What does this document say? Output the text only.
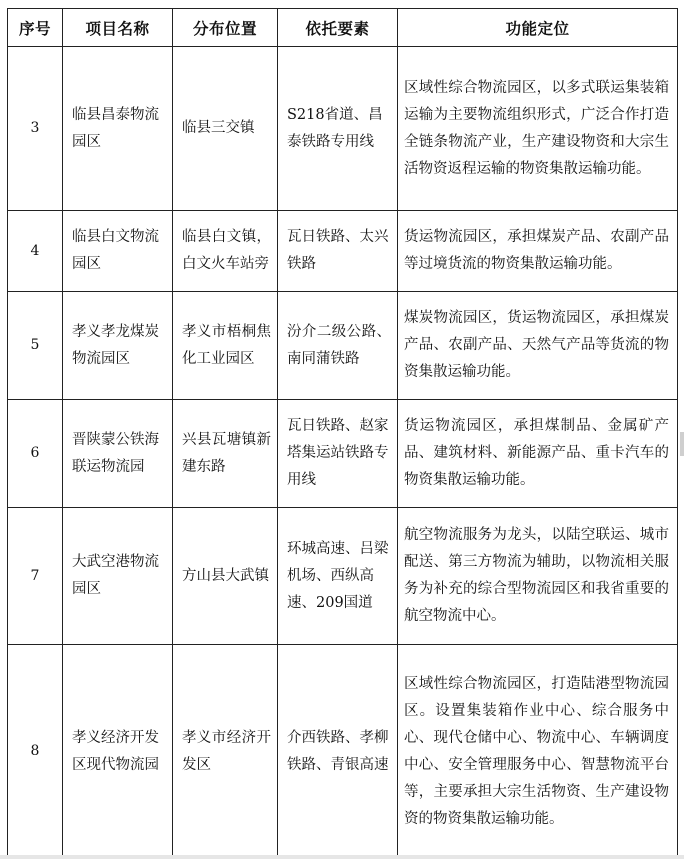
序号	项目名称	分布位置	依托要素	功能定位
3	临县昌泰物流园区	临县三交镇	S218省道、昌泰铁路专用线	区域性综合物流园区，以多式联运集装箱运输为主要物流组织形式，广泛合作打造全链条物流产业，生产建设物资和大宗生活物资返程运输的物资集散运输功能。
4	临县白文物流园区	临县白文镇，白文火车站旁	瓦日铁路、太兴铁路	货运物流园区，承担煤炭产品、农副产品等过境货流的物资集散运输功能。
5	孝义孝龙煤炭物流园区	孝义市梧桐焦化工业园区	汾介二级公路、南同蒲铁路	煤炭物流园区，货运物流园区，承担煤炭产品、农副产品、天然气产品等货流的物资集散运输功能。
6	晋陕蒙公铁海联运物流园	兴县瓦塘镇新建东路	瓦日铁路、赵家塔集运站铁路专用线	货运物流园区，承担煤制品、金属矿产品、建筑材料、新能源产品、重卡汽车的物资集散运输功能。
7	大武空港物流园区	方山县大武镇	环城高速、吕梁机场、西纵高速、209国道	航空物流服务为龙头，以陆空联运、城市配送、第三方物流为辅助，以物流相关服务为补充的综合型物流园区和我省重要的航空物流中心。
8	孝义经济开发区现代物流园	孝义市经济开发区	介西铁路、孝柳铁路、青银高速	区域性综合物流园区，打造陆港型物流园区。设置集装箱作业中心、综合服务中心、现代仓储中心、物流中心、车辆调度中心、安全管理服务中心、智慧物流平台等，主要承担大宗生活物资、生产建设物资的物资集散运输功能。
